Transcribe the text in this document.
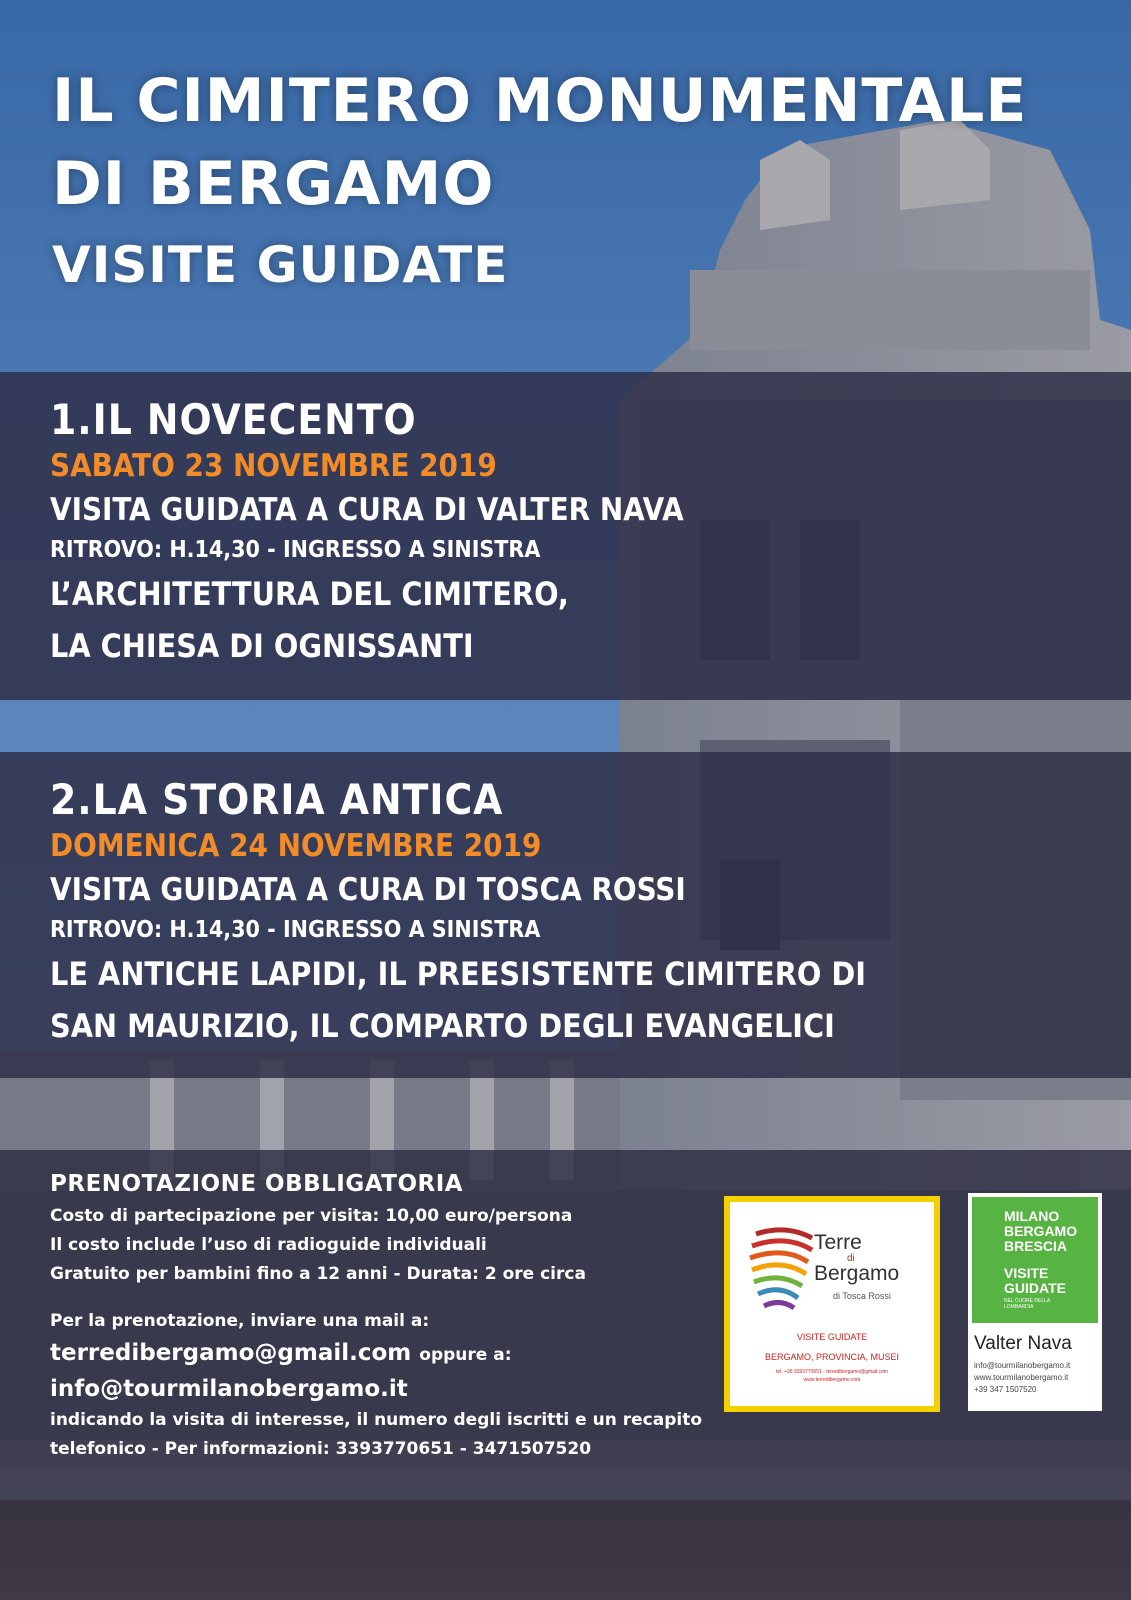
IL CIMITERO MONUMENTALE
DI BERGAMO
VISITE GUIDATE
1.IL NOVECENTO
SABATO 23 NOVEMBRE 2019
VISITA GUIDATA A CURA DI VALTER NAVA
RITROVO: H.14,30 - INGRESSO A SINISTRA
L’ARCHITETTURA DEL CIMITERO,
LA CHIESA DI OGNISSANTI
2.LA STORIA ANTICA
DOMENICA 24 NOVEMBRE 2019
VISITA GUIDATA A CURA DI TOSCA ROSSI
RITROVO: H.14,30 - INGRESSO A SINISTRA
LE ANTICHE LAPIDI, IL PREESISTENTE CIMITERO DI
SAN MAURIZIO, IL COMPARTO DEGLI EVANGELICI
PRENOTAZIONE OBBLIGATORIA
Costo di partecipazione per visita: 10,00 euro/persona
Il costo include l’uso di radioguide individuali
Gratuito per bambini fino a 12 anni - Durata: 2 ore circa
Per la prenotazione, inviare una mail a:
terredibergamo@gmail.com oppure a:
info@tourmilanobergamo.it
indicando la visita di interesse, il numero degli iscritti e un recapito
telefonico - Per informazioni: 3393770651 - 3471507520
Terre
di
Bergamo
di Tosca Rossi
VISITE GUIDATE
BERGAMO, PROVINCIA, MUSEI
tel. +39 3393770651 - terredibergamo@gmail.com
www.terredibergamo.com
MILANO
BERGAMO
BRESCIA
VISITE
GUIDATE
NEL CUORE DELLA
LOMBARDIA
Valter Nava
info@tourmilanobergamo.it
www.tourmilanobergamo.it
+39 347 1507520
